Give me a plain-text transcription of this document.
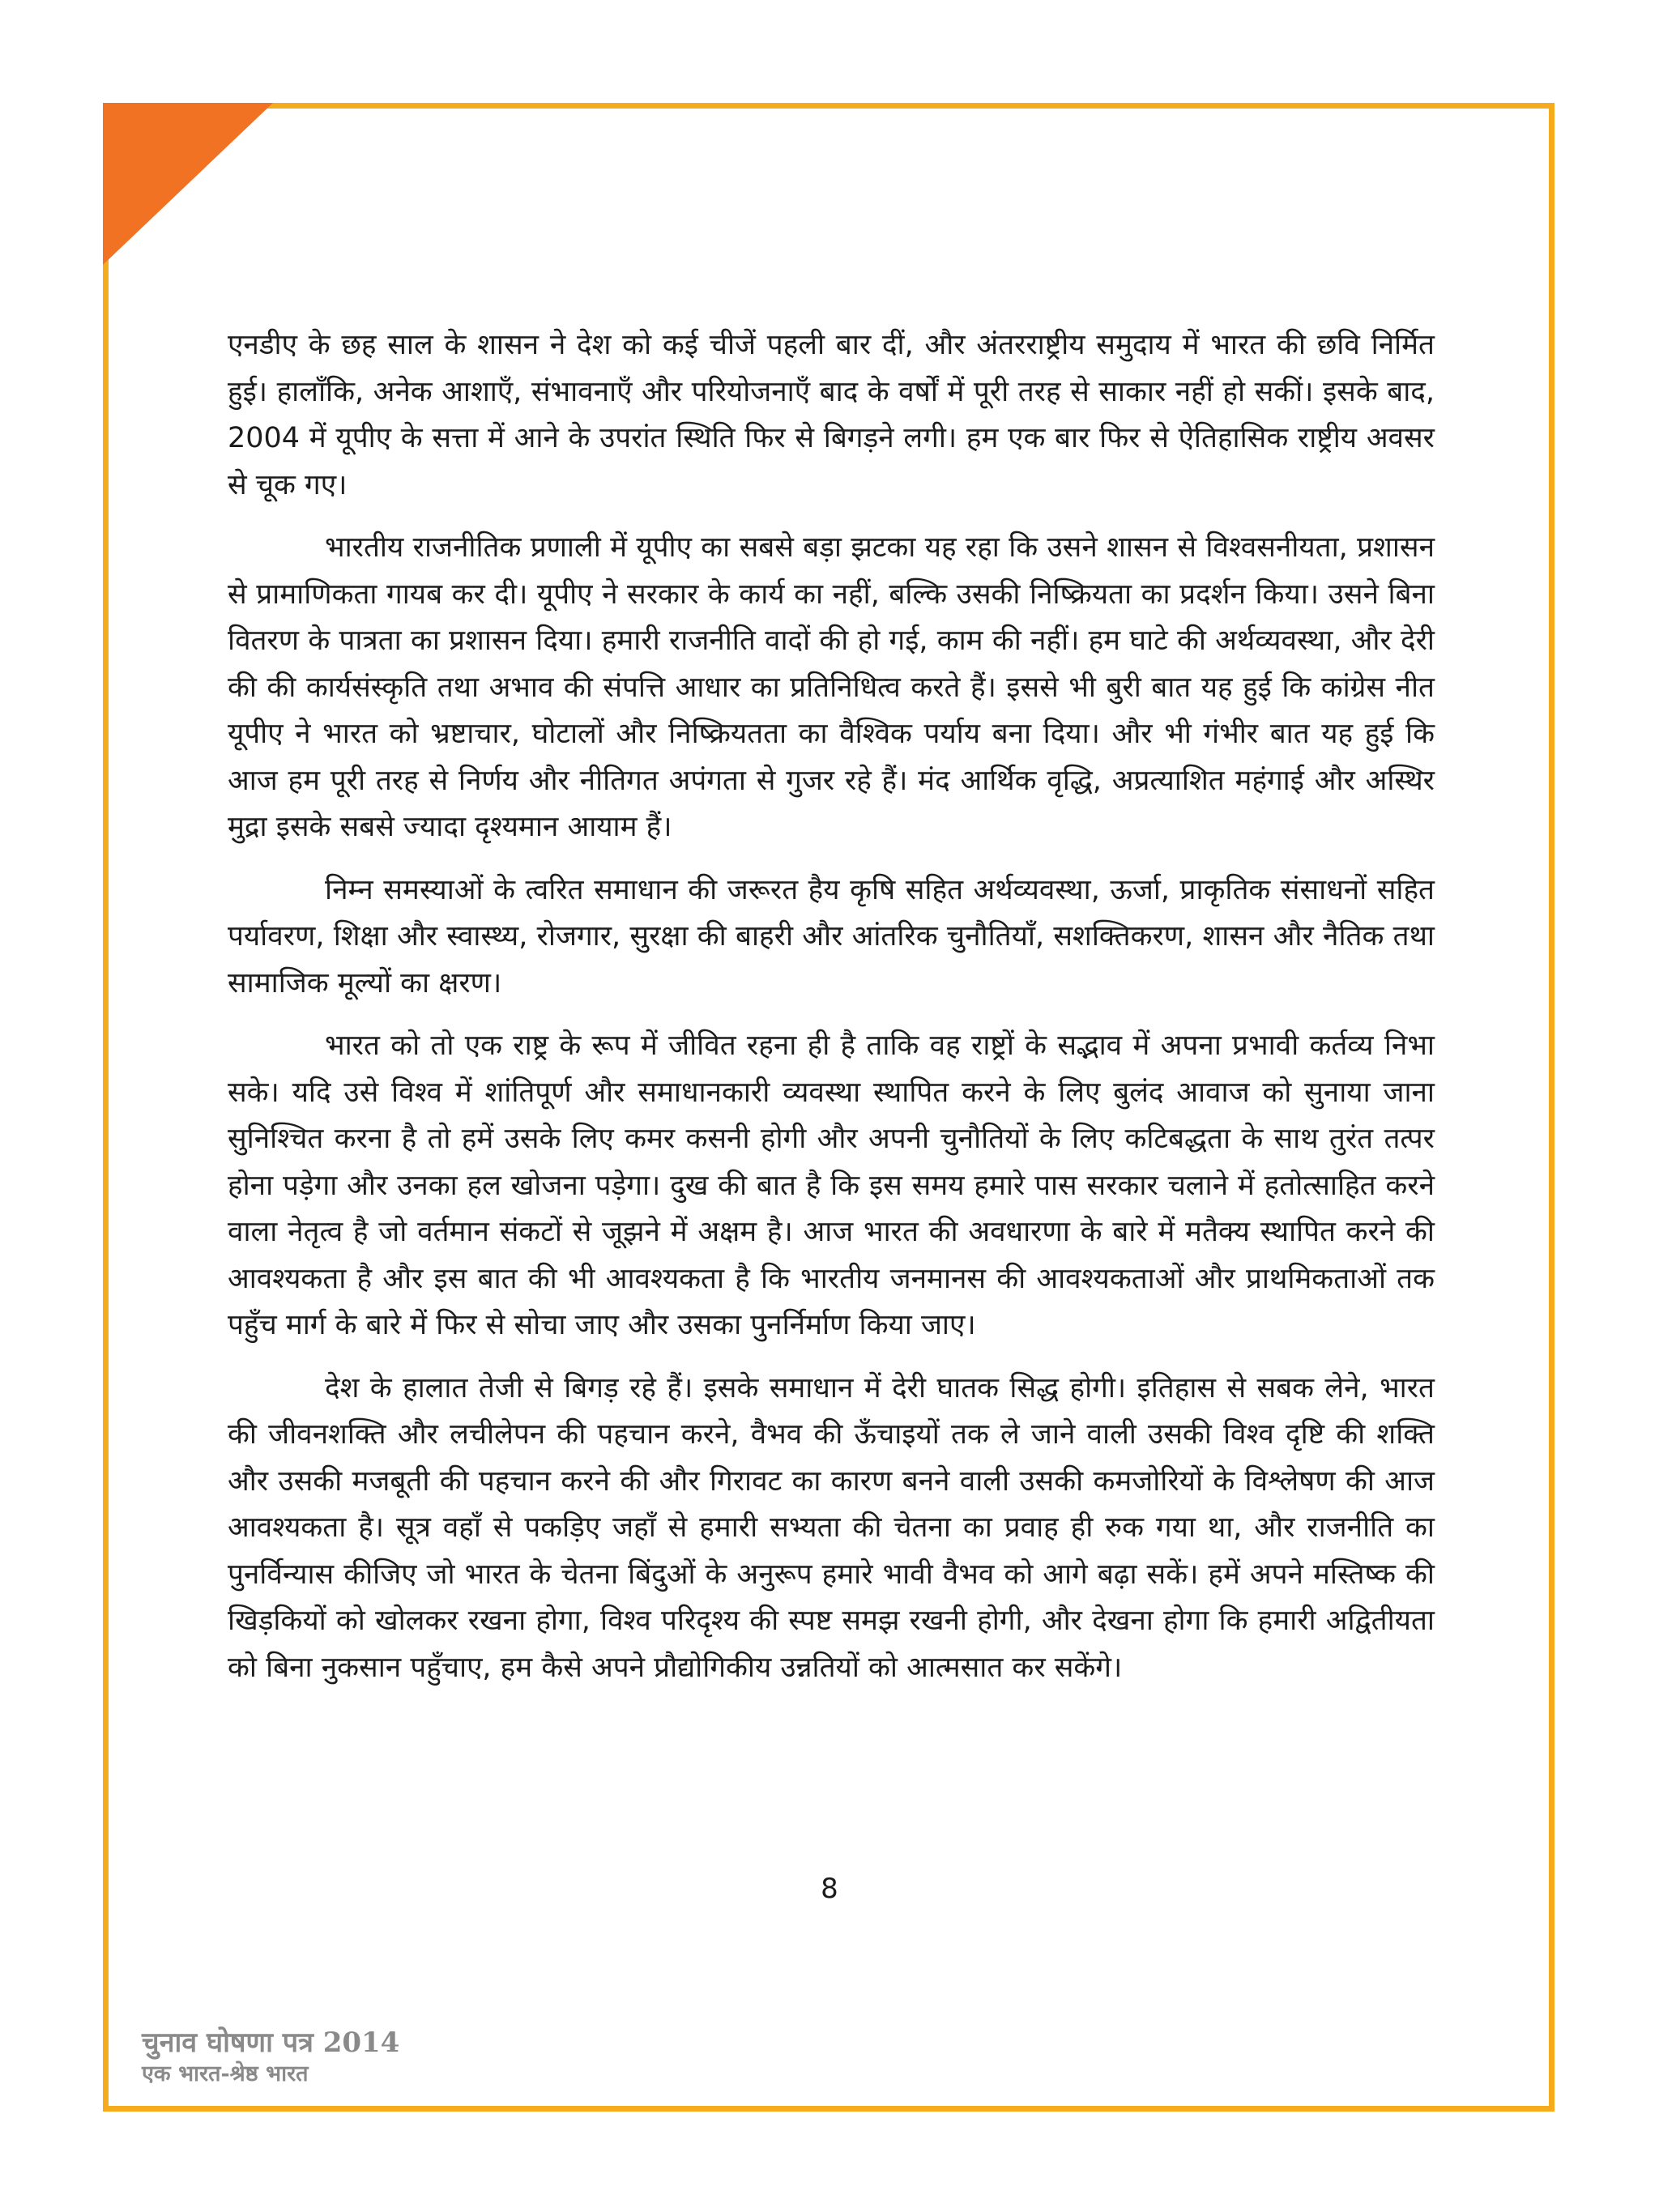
एनडीए के छह साल के शासन ने देश को कई चीजें पहली बार दीं, और अंतरराष्ट्रीय समुदाय में भारत की छवि निर्मित हुई। हालाँकि, अनेक आशाएँ, संभावनाएँ और परियोजनाएँ बाद के वर्षों में पूरी तरह से साकार नहीं हो सकीं। इसके बाद, 2004 में यूपीए के सत्ता में आने के उपरांत स्थिति फिर से बिगड़ने लगी। हम एक बार फिर से ऐतिहासिक राष्ट्रीय अवसर से चूक गए।

भारतीय राजनीतिक प्रणाली में यूपीए का सबसे बड़ा झटका यह रहा कि उसने शासन से विश्वसनीयता, प्रशासन से प्रामाणिकता गायब कर दी। यूपीए ने सरकार के कार्य का नहीं, बल्कि उसकी निष्क्रियता का प्रदर्शन किया। उसने बिना वितरण के पात्रता का प्रशासन दिया। हमारी राजनीति वादों की हो गई, काम की नहीं। हम घाटे की अर्थव्यवस्था, और देरी की की कार्यसंस्कृति तथा अभाव की संपत्ति आधार का प्रतिनिधित्व करते हैं। इससे भी बुरी बात यह हुई कि कांग्रेस नीत यूपीए ने भारत को भ्रष्टाचार, घोटालों और निष्क्रियतता का वैश्विक पर्याय बना दिया। और भी गंभीर बात यह हुई कि आज हम पूरी तरह से निर्णय और नीतिगत अपंगता से गुजर रहे हैं। मंद आर्थिक वृद्धि, अप्रत्याशित महंगाई और अस्थिर मुद्रा इसके सबसे ज्यादा दृश्यमान आयाम हैं।

निम्न समस्याओं के त्वरित समाधान की जरूरत हैय कृषि सहित अर्थव्यवस्था, ऊर्जा, प्राकृतिक संसाधनों सहित पर्यावरण, शिक्षा और स्वास्थ्य, रोजगार, सुरक्षा की बाहरी और आंतरिक चुनौतियाँ, सशक्तिकरण, शासन और नैतिक तथा सामाजिक मूल्यों का क्षरण।

भारत को तो एक राष्ट्र के रूप में जीवित रहना ही है ताकि वह राष्ट्रों के सद्भाव में अपना प्रभावी कर्तव्य निभा सके। यदि उसे विश्व में शांतिपूर्ण और समाधानकारी व्यवस्था स्थापित करने के लिए बुलंद आवाज को सुनाया जाना सुनिश्चित करना है तो हमें उसके लिए कमर कसनी होगी और अपनी चुनौतियों के लिए कटिबद्धता के साथ तुरंत तत्पर होना पड़ेगा और उनका हल खोजना पड़ेगा। दुख की बात है कि इस समय हमारे पास सरकार चलाने में हतोत्साहित करने वाला नेतृत्व है जो वर्तमान संकटों से जूझने में अक्षम है। आज भारत की अवधारणा के बारे में मतैक्य स्थापित करने की आवश्यकता है और इस बात की भी आवश्यकता है कि भारतीय जनमानस की आवश्यकताओं और प्राथमिकताओं तक पहुँच मार्ग के बारे में फिर से सोचा जाए और उसका पुनर्निर्माण किया जाए।

देश के हालात तेजी से बिगड़ रहे हैं। इसके समाधान में देरी घातक सिद्ध होगी। इतिहास से सबक लेने, भारत की जीवनशक्ति और लचीलेपन की पहचान करने, वैभव की ऊँचाइयों तक ले जाने वाली उसकी विश्व दृष्टि की शक्ति और उसकी मजबूती की पहचान करने की और गिरावट का कारण बनने वाली उसकी कमजोरियों के विश्लेषण की आज आवश्यकता है। सूत्र वहाँ से पकड़िए जहाँ से हमारी सभ्यता की चेतना का प्रवाह ही रुक गया था, और राजनीति का पुनर्विन्यास कीजिए जो भारत के चेतना बिंदुओं के अनुरूप हमारे भावी वैभव को आगे बढ़ा सकें। हमें अपने मस्तिष्क की खिड़कियों को खोलकर रखना होगा, विश्व परिदृश्य की स्पष्ट समझ रखनी होगी, और देखना होगा कि हमारी अद्वितीयता को बिना नुकसान पहुँचाए, हम कैसे अपने प्रौद्योगिकीय उन्नतियों को आत्मसात कर सकेंगे।

8
चुनाव घोषणा पत्र 2014
एक भारत-श्रेष्ठ भारत
